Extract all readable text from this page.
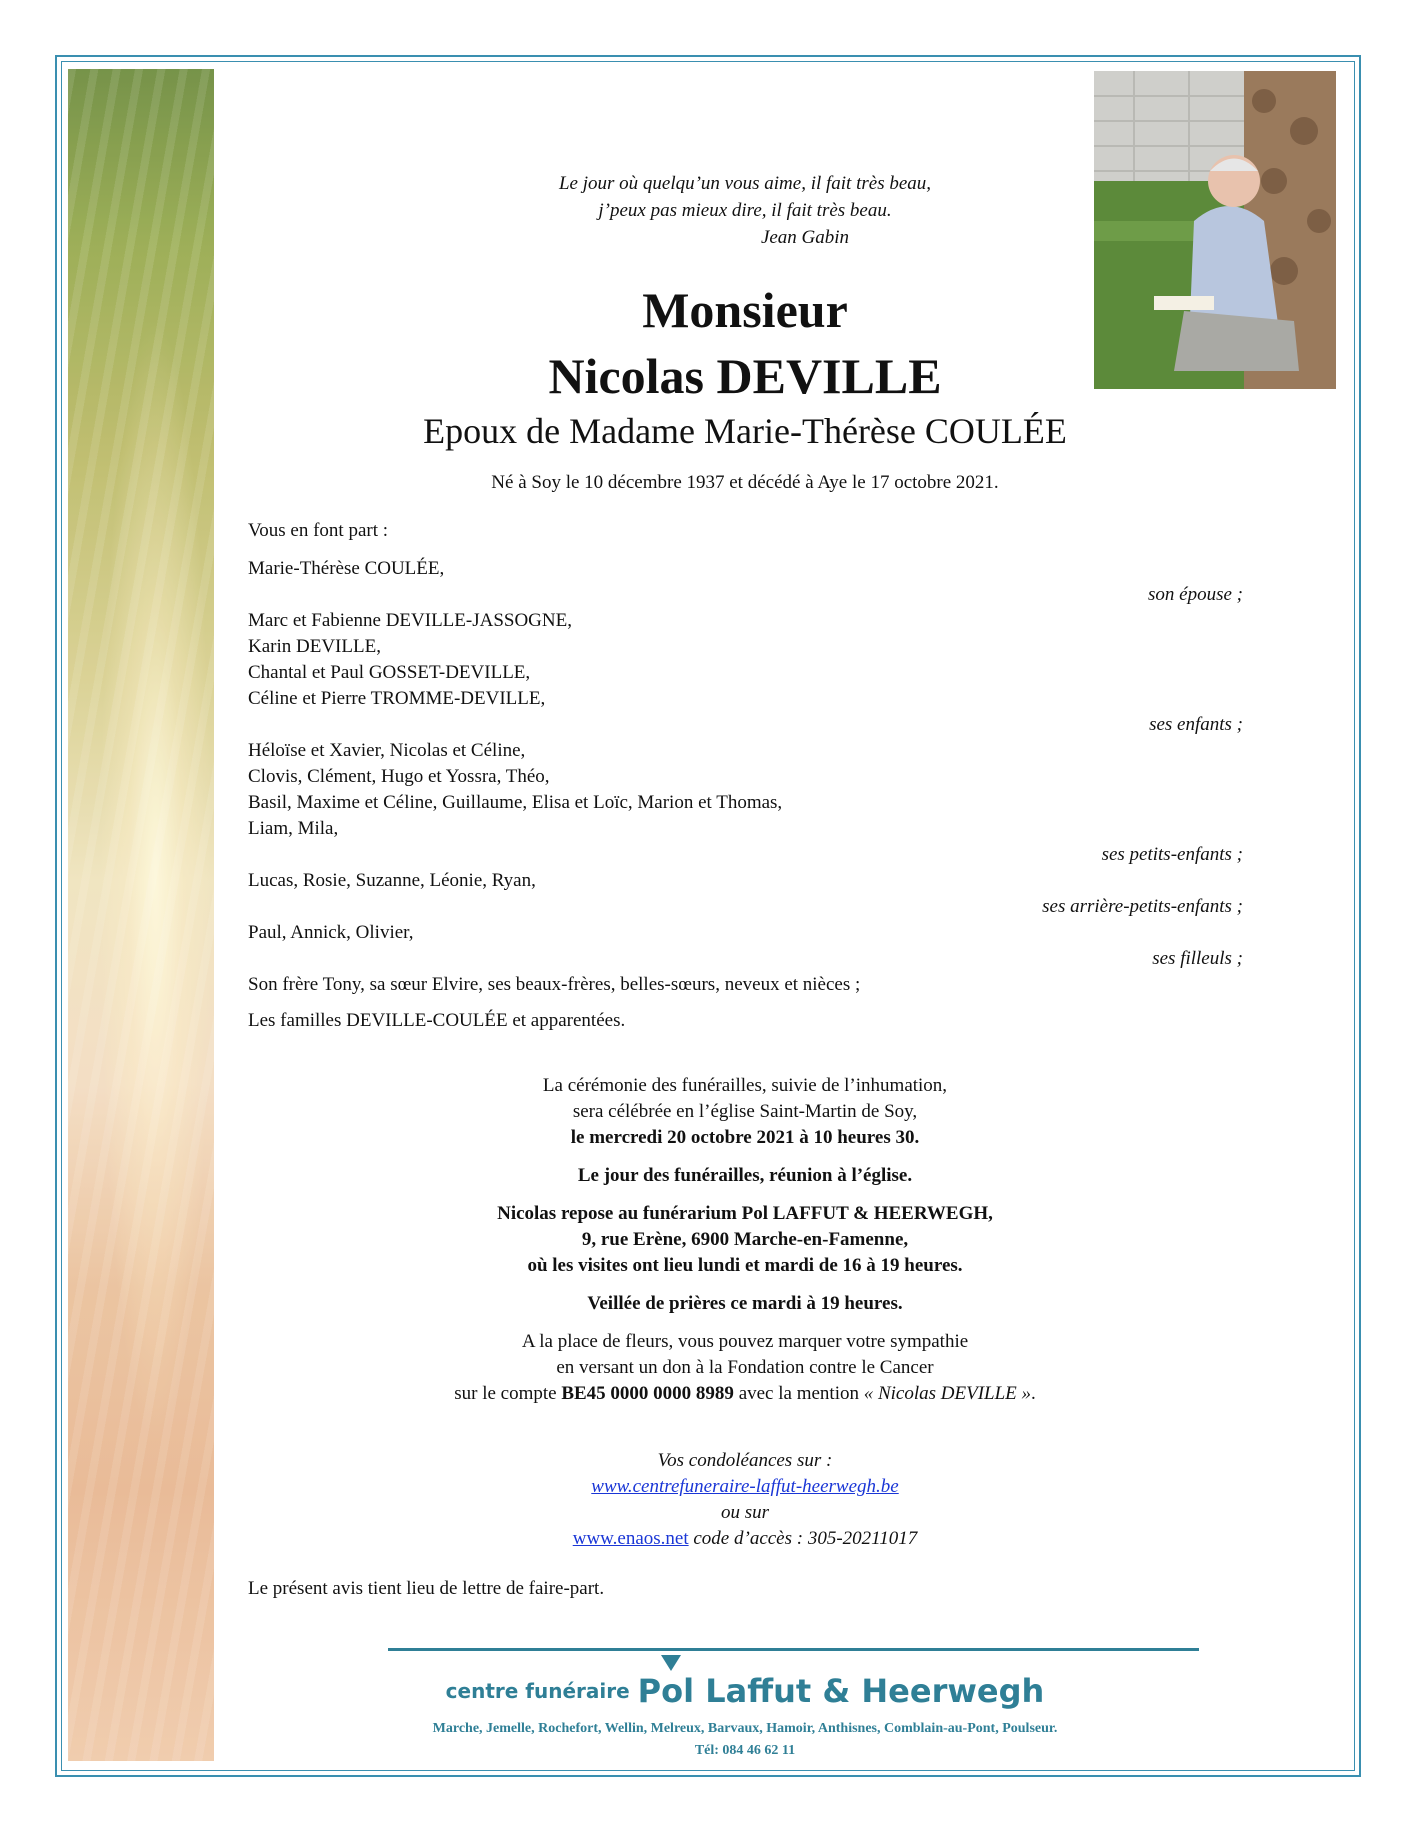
Le jour où quelqu’un vous aime, il fait très beau,
j’peux pas mieux dire, il fait très beau.
Jean Gabin
Monsieur
Nicolas DEVILLE
Epoux de Madame Marie-Thérèse COULÉE
Né à Soy le 10 décembre 1937 et décédé à Aye le 17 octobre 2021.
Vous en font part :
Marie-Thérèse COULÉE,
son épouse ;
Marc et Fabienne DEVILLE-JASSOGNE,
Karin DEVILLE,
Chantal et Paul GOSSET-DEVILLE,
Céline et Pierre TROMME-DEVILLE,
ses enfants ;
Héloïse et Xavier, Nicolas et Céline,
Clovis, Clément, Hugo et Yossra, Théo,
Basil, Maxime et Céline, Guillaume, Elisa et Loïc, Marion et Thomas,
Liam, Mila,
ses petits-enfants ;
Lucas, Rosie, Suzanne, Léonie, Ryan,
ses arrière-petits-enfants ;
Paul, Annick, Olivier,
ses filleuls ;
Son frère Tony, sa sœur Elvire, ses beaux-frères, belles-sœurs, neveux et nièces ;
Les familles DEVILLE-COULÉE et apparentées.
La cérémonie des funérailles, suivie de l’inhumation,
sera célébrée en l’église Saint-Martin de Soy,
le mercredi 20 octobre 2021 à 10 heures 30.
Le jour des funérailles, réunion à l’église.
Nicolas repose au funérarium Pol LAFFUT & HEERWEGH,
9, rue Erène, 6900 Marche-en-Famenne,
où les visites ont lieu lundi et mardi de 16 à 19 heures.
Veillée de prières ce mardi à 19 heures.
A la place de fleurs, vous pouvez marquer votre sympathie
en versant un don à la Fondation contre le Cancer
sur le compte BE45 0000 0000 8989 avec la mention « Nicolas DEVILLE ».
Vos condoléances sur :
www.centrefuneraire-laffut-heerwegh.be
ou sur
www.enaos.net code d’accès : 305-20211017
Le présent avis tient lieu de lettre de faire-part.
centre funéraire Pol Laffut & Heerwegh
Marche, Jemelle, Rochefort, Wellin, Melreux, Barvaux, Hamoir, Anthisnes, Comblain-au-Pont, Poulseur.
Tél: 084 46 62 11
